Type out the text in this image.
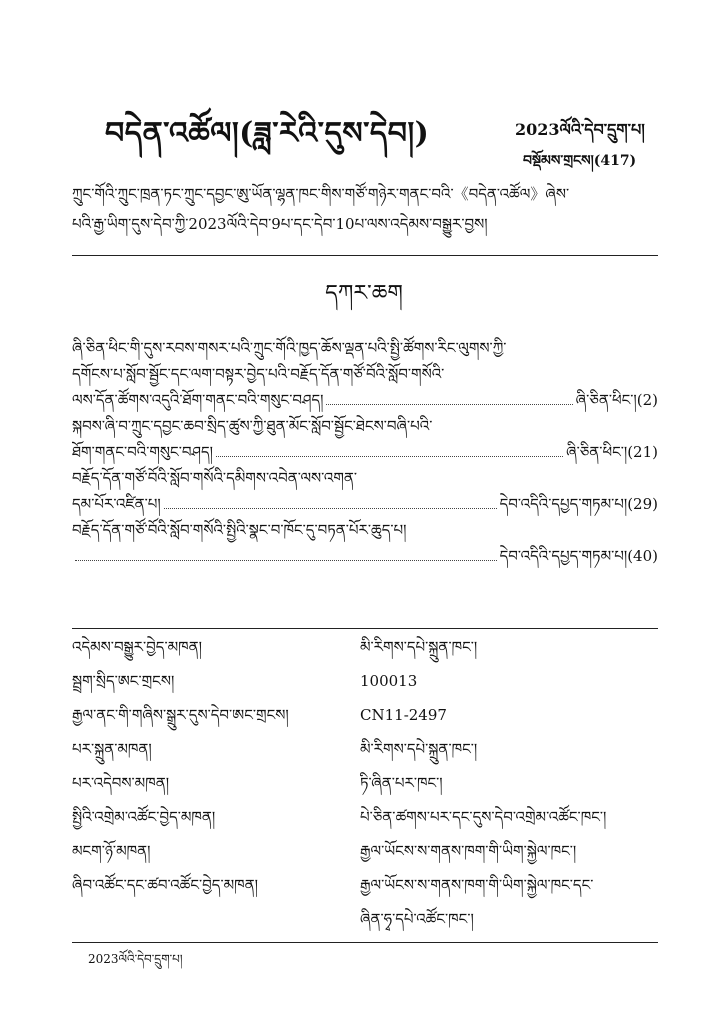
བདེན་འཚོལ།(ཟླ་རེའི་དུས་དེབ།)	2023ལོའི་དེབ་དྲུག་པ།
བསྡོམས་གྲངས།(417)
ཀྲུང་གོའི་ཀྲུང་ཁྲན་ཏང་ཀྲུང་དབྱང་ཨུ་ཡོན་ལྷན་ཁང་གིས་གཙོ་གཉེར་གནང་བའི་《བདེན་འཚོལ》ཞེས་
པའི་རྒྱ་ཡིག་དུས་དེབ་ཀྱི་2023ལོའི་དེབ་9པ་དང་དེབ་10པ་ལས་འདེམས་བསྒྱུར་བྱས།
དཀར་ཆག
ཞི་ཅིན་ཕིང་གི་དུས་རབས་གསར་པའི་ཀྲུང་གོའི་ཁྱད་ཆོས་ལྡན་པའི་སྤྱི་ཚོགས་རིང་ལུགས་ཀྱི་
དགོངས་པ་སློབ་སྦྱོང་དང་ལག་བསྟར་བྱེད་པའི་བརྗོད་དོན་གཙོ་བོའི་སློབ་གསོའི་
ལས་དོན་ཚོགས་འདུའི་ཐོག་གནང་བའི་གསུང་བཤད།	ཞི་ཅིན་ཕིང་།(2)
སྐབས་ཞི་བ་ཀྲུང་དབྱང་ཆབ་སྲིད་ཚུས་ཀྱི་ཐུན་མོང་སློབ་སྦྱོང་ཐེངས་བཞི་པའི་
ཐོག་གནང་བའི་གསུང་བཤད།	ཞི་ཅིན་ཕིང་།(21)
བརྗོད་དོན་གཙོ་བོའི་སློབ་གསོའི་དམིགས་འབེན་ལས་འགན་
དམ་པོར་འཛིན་པ།	དེབ་འདིའི་དཔྱད་གཏམ་པ།(29)
བརྗོད་དོན་གཙོ་བོའི་སློབ་གསོའི་སྤྱིའི་སྣང་བ་ཁོང་དུ་བཏན་པོར་ཆུད་པ།
དེབ་འདིའི་དཔྱད་གཏམ་པ།(40)
འདེམས་བསྒྱུར་བྱེད་མཁན།	མི་རིགས་དཔེ་སྐྲུན་ཁང་།
སྦྲག་སྲིད་ཨང་གྲངས།	100013
རྒྱལ་ནང་གི་གཞིས་སྒྲུར་དུས་དེབ་ཨང་གྲངས།	CN11-2497
པར་སྐྲུན་མཁན།	མི་རིགས་དཔེ་སྐྲུན་ཁང་།
པར་འདེབས་མཁན།	ཏི་ཞིན་པར་ཁང་།
སྤྱིའི་འགྲེམ་འཚོང་བྱེད་མཁན།	པེ་ཅིན་ཚགས་པར་དང་དུས་དེབ་འགྲེམ་འཚོང་ཁང་།
མངག་ཉོ་མཁན།	རྒྱལ་ཡོངས་ས་གནས་ཁག་གི་ཡིག་སྐྱེལ་ཁང་།
ཞིབ་འཚོང་དང་ཚབ་འཚོང་བྱེད་མཁན།	རྒྱལ་ཡོངས་ས་གནས་ཁག་གི་ཡིག་སྐྱེལ་ཁང་དང་
ཞིན་ཧྭ་དཔེ་འཚོང་ཁང་།
2023ལོའི་དེབ་དྲུག་པ།
